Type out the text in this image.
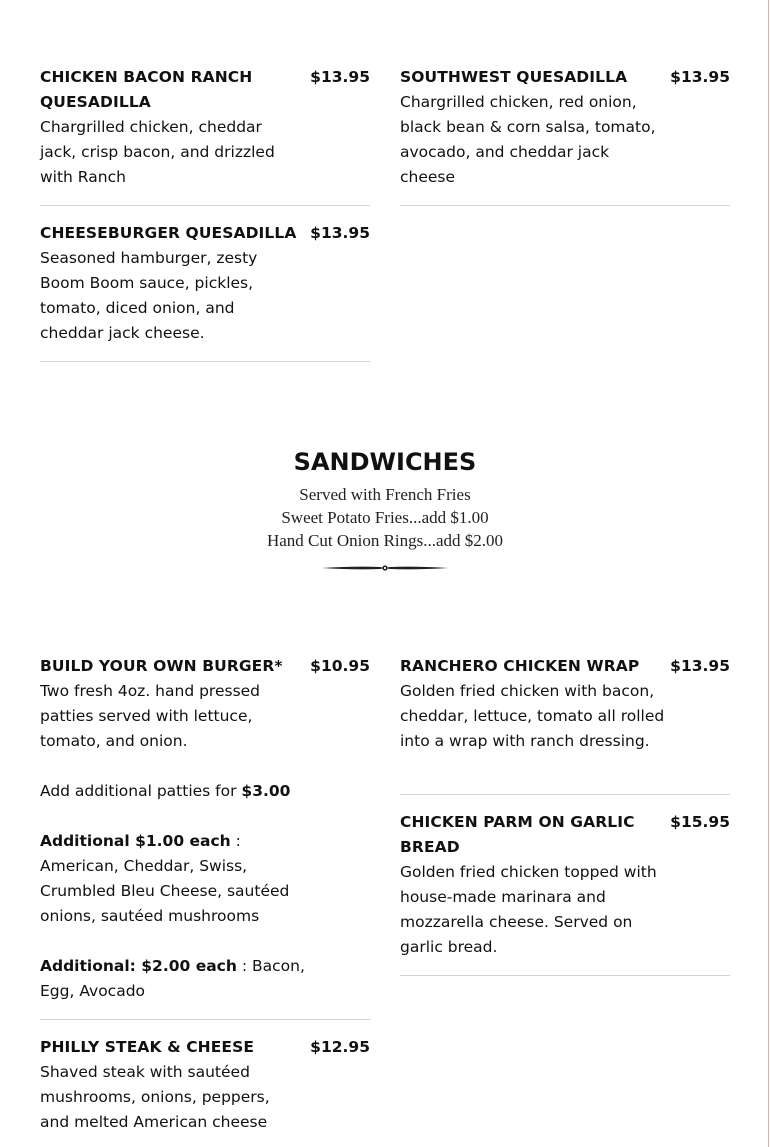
CHICKEN BACON RANCH QUESADILLA
$13.95
Chargrilled chicken, cheddar jack, crisp bacon, and drizzled with Ranch
SOUTHWEST QUESADILLA	$13.95
Chargrilled chicken, red onion, black bean & corn salsa, tomato, avocado, and cheddar jack cheese
CHEESEBURGER QUESADILLA $13.95
Seasoned hamburger, zesty Boom Boom sauce, pickles, tomato, diced onion, and cheddar jack cheese.
SANDWICHES
Served with French Fries
Sweet Potato Fries...add $1.00
Hand Cut Onion Rings...add $2.00
BUILD YOUR OWN BURGER*	$10.95
Two fresh 4oz. hand pressed patties served with lettuce, tomato, and onion.
Add additional patties for $3.00
Additional $1.00 each : American, Cheddar, Swiss, Crumbled Bleu Cheese, sautéed onions, sautéed mushrooms
Additional: $2.00 each : Bacon, Egg, Avocado
RANCHERO CHICKEN WRAP	$13.95
Golden fried chicken with bacon, cheddar, lettuce, tomato all rolled into a wrap with ranch dressing.
CHICKEN PARM ON GARLIC BREAD
$15.95
Golden fried chicken topped with house-made marinara and mozzarella cheese. Served on garlic bread.
PHILLY STEAK & CHEESE	$12.95
Shaved steak with sautéed mushrooms, onions, peppers, and melted American cheese
